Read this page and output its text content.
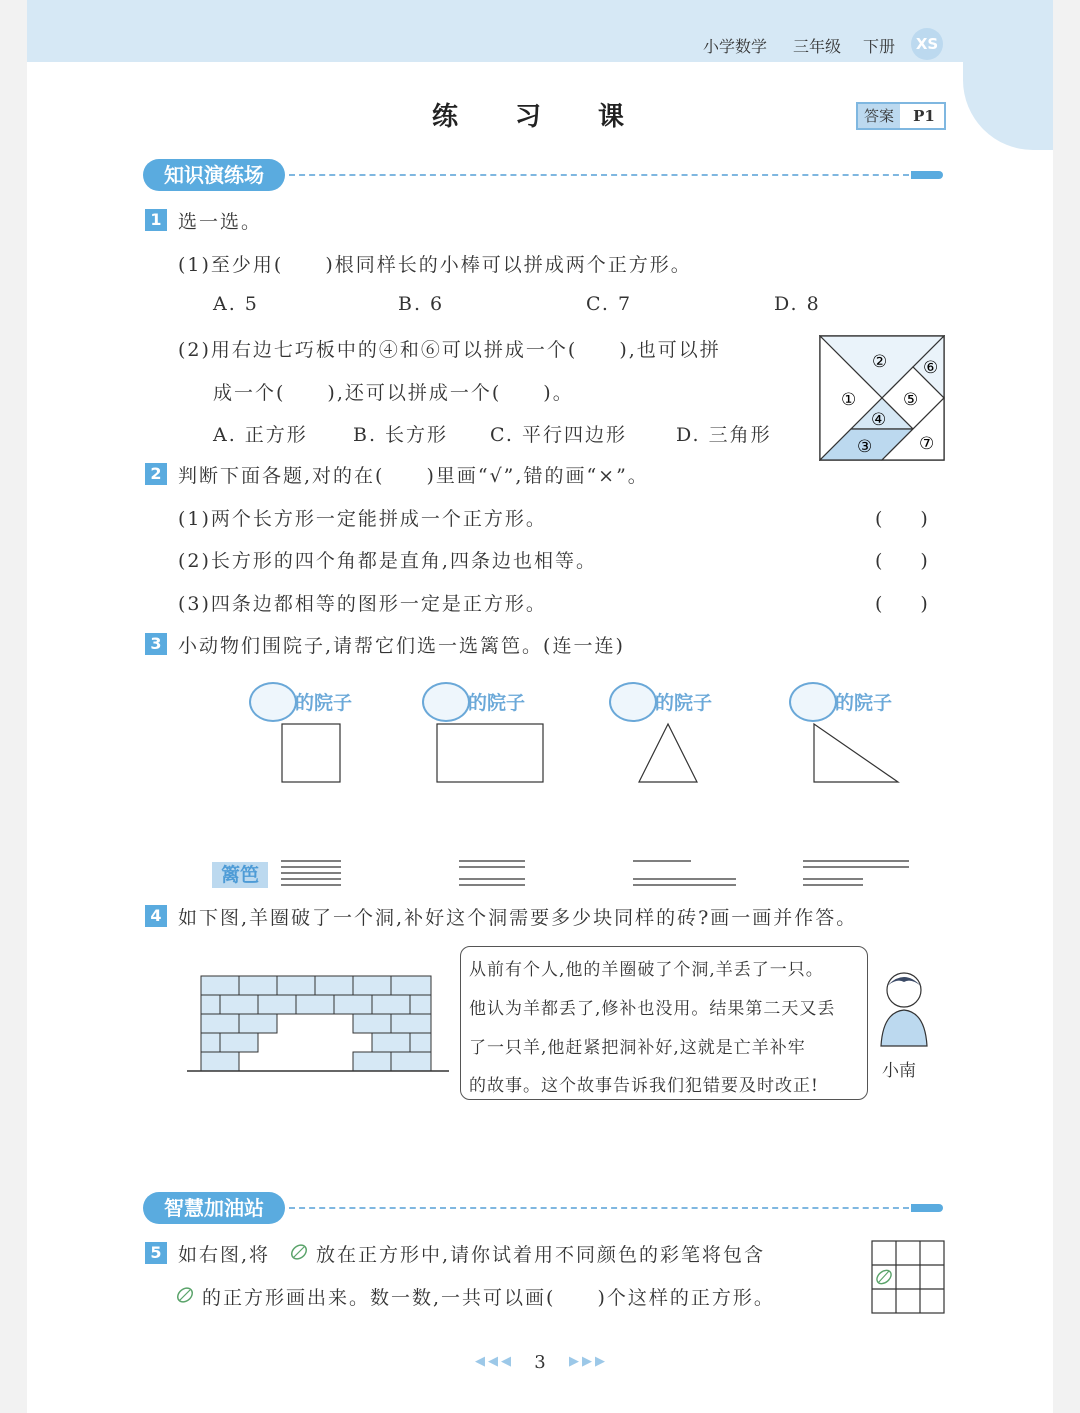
小学数学 三年级 下册	XS
练 习 课	答案	P1
知识演练场
1 选一选。
(1)至少用(　　)根同样长的小棒可以拼成两个正方形。
A. 5	B. 6	C. 7	D. 8
(2)用右边七巧板中的④和⑥可以拼成一个(　　),也可以拼
成一个(　　),还可以拼成一个(　　)。
A. 正方形 B. 长方形 C. 平行四边形	D. 三角形
①
②
③
④
⑤
⑥
⑦
2 判断下面各题,对的在(　　)里画“√”,错的画“×”。
(1)两个长方形一定能拼成一个正方形。	(　　)
(2)长方形的四个角都是直角,四条边也相等。	(　　)
(3)四条边都相等的图形一定是正方形。	(　　)
3 小动物们围院子,请帮它们选一选篱笆。(连一连)
的院子	的院子	的院子	的院子
篱笆
4 如下图,羊圈破了一个洞,补好这个洞需要多少块同样的砖?画一画并作答。
从前有个人,他的羊圈破了个洞,羊丢了一只。
他认为羊都丢了,修补也没用。结果第二天又丢
了一只羊,他赶紧把洞补好,这就是亡羊补牢
的故事。这个故事告诉我们犯错要及时改正!
小南
智慧加油站
5 如右图,将 放在正方形中,请你试着用不同颜色的彩笔将包含
的正方形画出来。数一数,一共可以画(　　)个这样的正方形。
◀◀◀	3	▶▶▶
